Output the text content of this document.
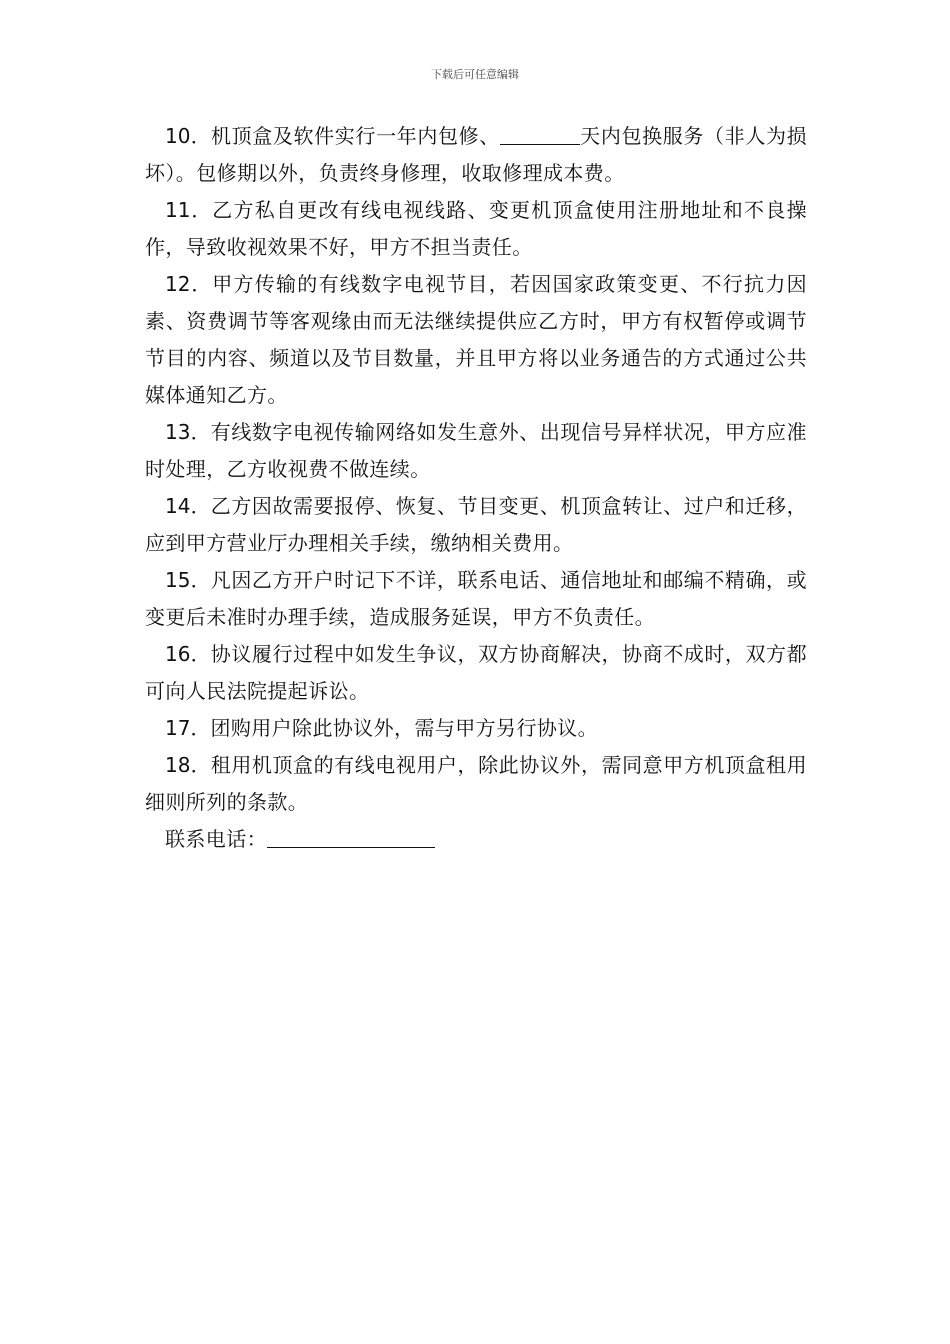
下载后可任意编辑

10．机顶盒及软件实行一年内包修、	天内包换服务（非人为损坏）。包修期以外，负责终身修理，收取修理成本费。

11．乙方私自更改有线电视线路、变更机顶盒使用注册地址和不良操作，导致收视效果不好，甲方不担当责任。

12．甲方传输的有线数字电视节目，若因国家政策变更、不行抗力因素、资费调节等客观缘由而无法继续提供应乙方时，甲方有权暂停或调节节目的内容、频道以及节目数量，并且甲方将以业务通告的方式通过公共媒体通知乙方。

13．有线数字电视传输网络如发生意外、出现信号异样状况，甲方应准时处理，乙方收视费不做连续。

14．乙方因故需要报停、恢复、节目变更、机顶盒转让、过户和迁移，应到甲方营业厅办理相关手续，缴纳相关费用。

15．凡因乙方开户时记下不详，联系电话、通信地址和邮编不精确，或变更后未准时办理手续，造成服务延误，甲方不负责任。

16．协议履行过程中如发生争议，双方协商解决，协商不成时，双方都可向人民法院提起诉讼。

17．团购用户除此协议外，需与甲方另行协议。

18．租用机顶盒的有线电视用户，除此协议外，需同意甲方机顶盒租用细则所列的条款。

联系电话：
